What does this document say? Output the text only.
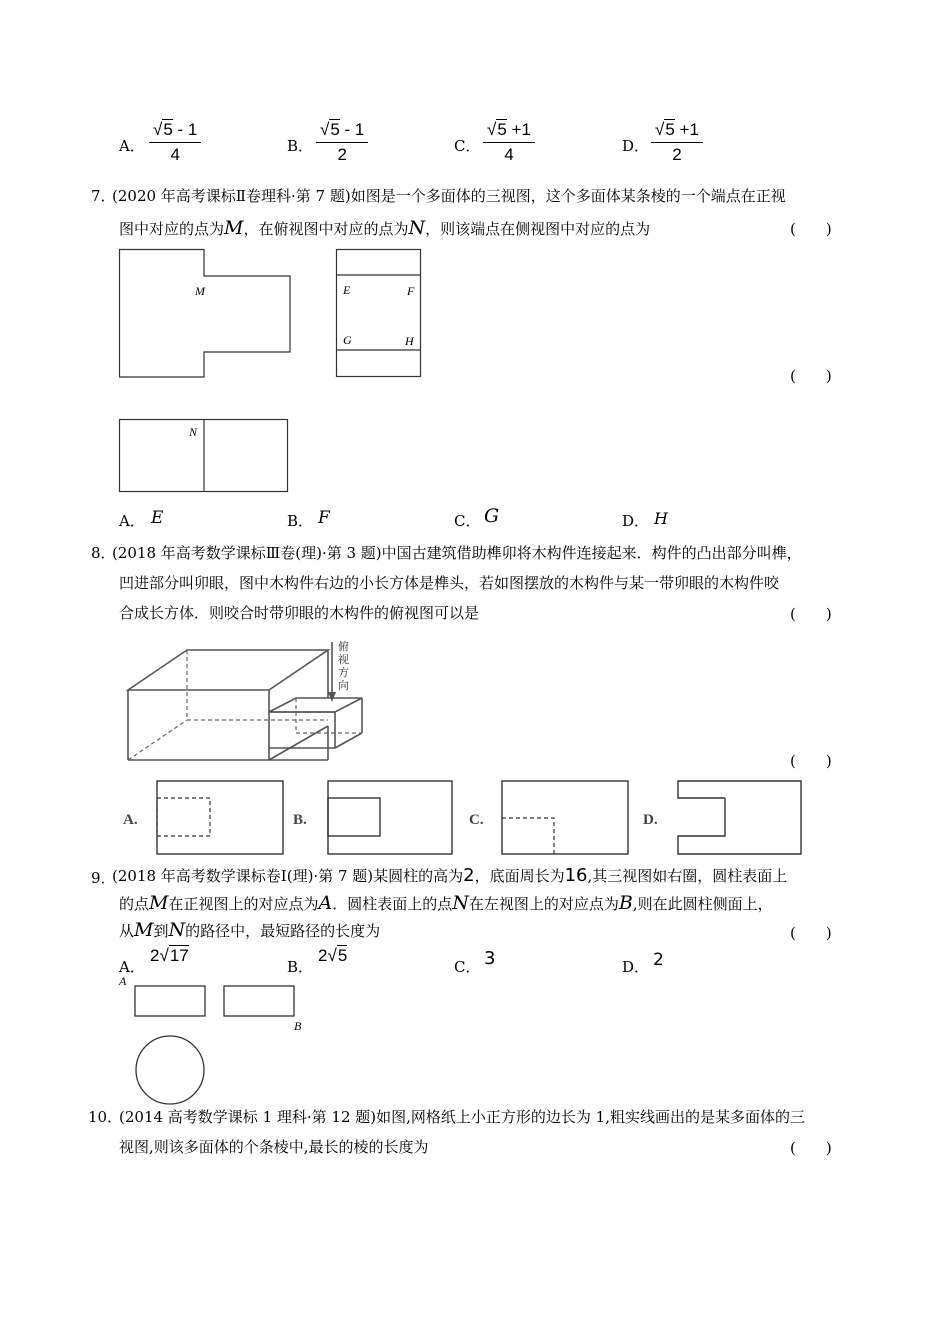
A． $\frac{√5 - 1}{4}$	B． $\frac{√5 - 1}{2}$	C． $\frac{√5 +1}{4}$	D． $\frac{√5 +1}{2}$
7．
(2020 年高考课标Ⅱ卷理科·第 7 题)如图是一个多面体的三视图，这个多面体某条棱的一个端点在正视
图中对应的点为M，在俯视图中对应的点为N，则该端点在侧视图中对应的点为	(　　)
M	E	F
G	H
(　　)
N
A． E	B． F	C． G	D． H
8．
(2018 年高考数学课标Ⅲ卷(理)·第 3 题)中国古建筑借助榫卯将木构件连接起来．构件的凸出部分叫榫，
凹进部分叫卯眼，图中木构件右边的小长方体是榫头，若如图摆放的木构件与某一带卯眼的木构件咬
合成长方体．则咬合时带卯眼的木构件的俯视图可以是	(　　)
俯
视
方
向
(　　)
A.	B.	C.	D.
9．
(2018 年高考数学课标卷Ⅰ(理)·第 7 题)某圆柱的高为2，底面周长为16,其三视图如右圈，圆柱表面上
的点M在正视图上的对应点为A．圆柱表面上的点N在左视图上的对应点为B,则在此圆柱侧面上，
从M到N的路径中，最短路径的长度为	(　　)
A．
2√17
B．
2√5
C． 3	D． 2
A
B
10．
(2014 高考数学课标 1 理科·第 12 题)如图,网格纸上小正方形的边长为 1,粗实线画出的是某多面体的三
视图,则该多面体的个条棱中,最长的棱的长度为	(　　)
